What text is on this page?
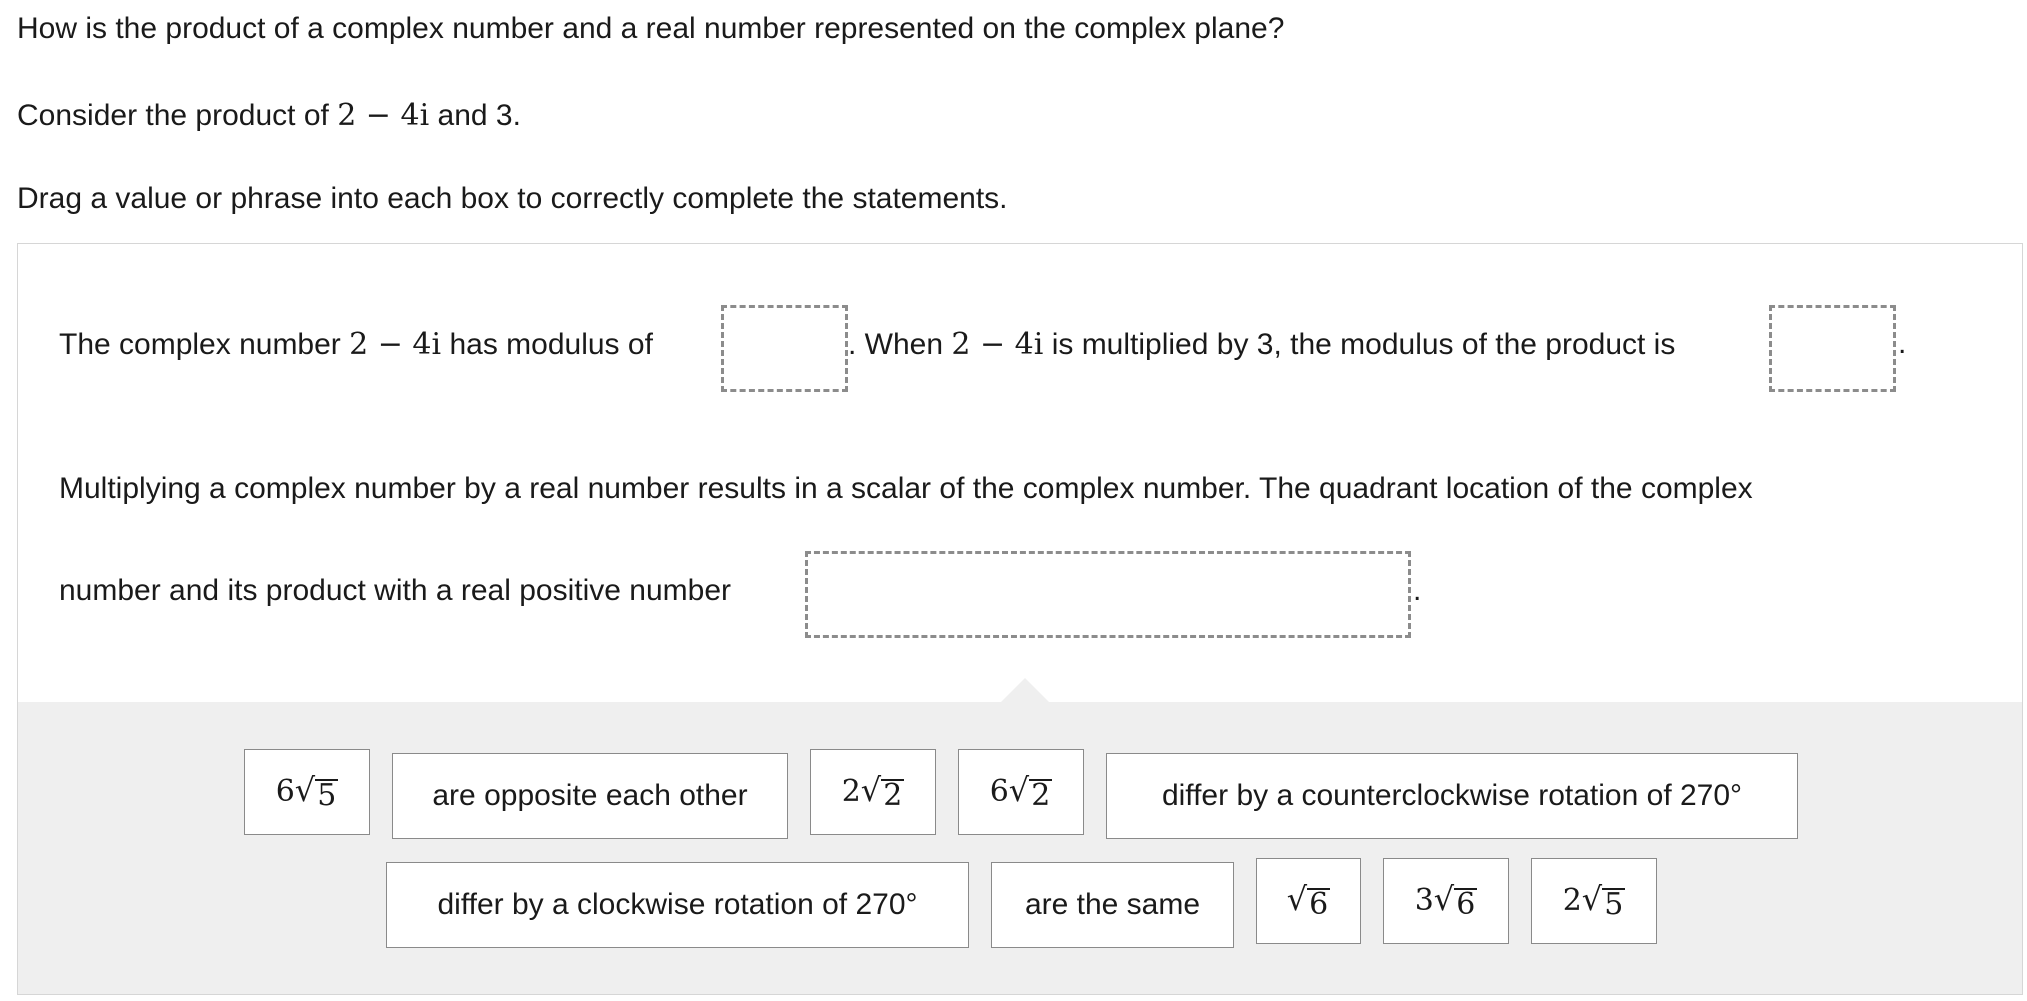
How is the product of a complex number and a real number represented on the complex plane?
Consider the product of 2 − 4i and 3.
Drag a value or phrase into each box to correctly complete the statements.
The complex number 2 − 4i has modulus of	. When 2 − 4i is multiplied by 3, the modulus of the product is	.
Multiplying a complex number by a real number results in a scalar of the complex number. The quadrant location of the complex
number and its product with a real positive number	.
6 √ 5	are opposite each other	2 √ 2	6 √ 2	differ by a counterclockwise rotation of 270°
differ by a clockwise rotation of 270°	are the same	√ 6	3 √ 6	2 √ 5
